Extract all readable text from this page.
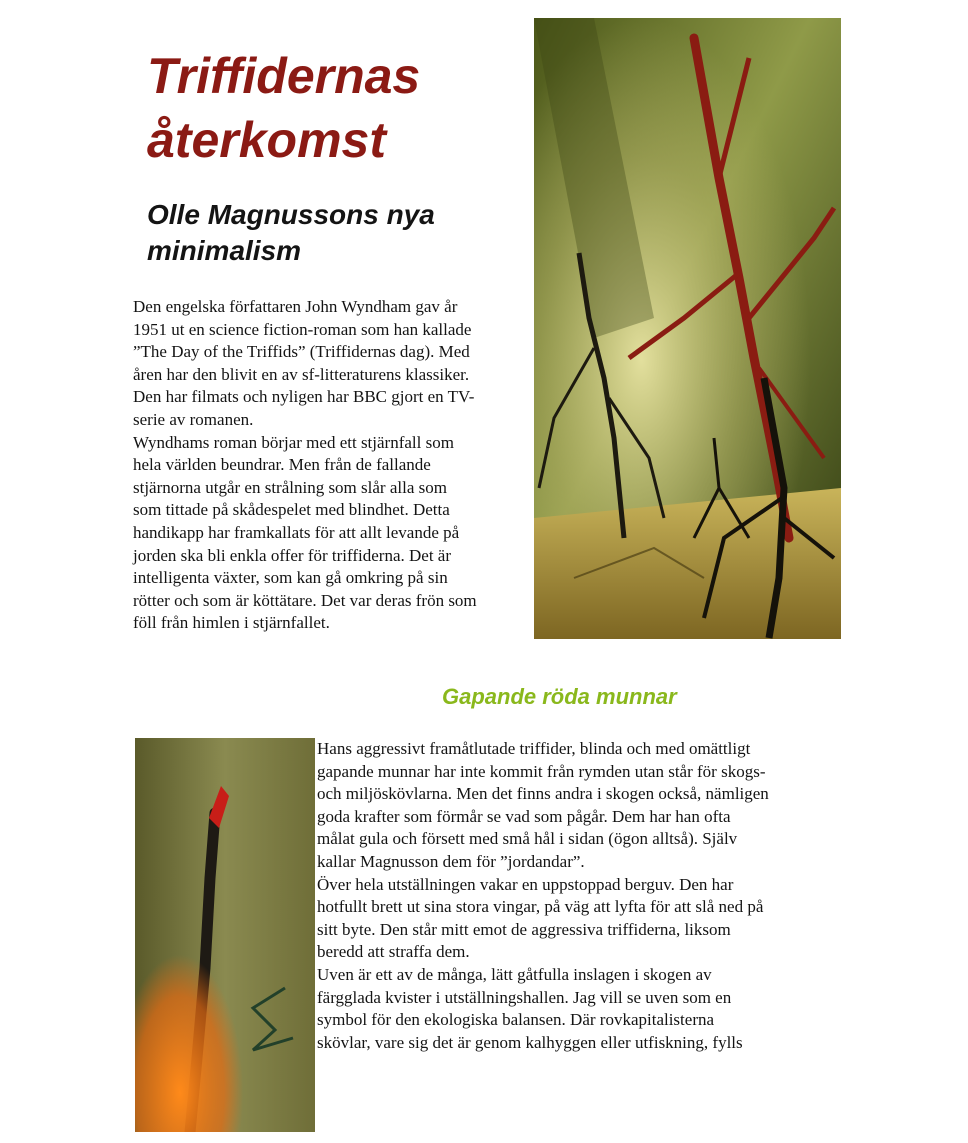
Triffidernas
återkomst
Olle Magnussons nya
minimalism
Den engelska författaren John Wyndham gav år
1951 ut en science fiction-roman som han kallade
”The Day of the Triffids” (Triffidernas dag). Med
åren har den blivit en av sf-litteraturens klassiker.
Den har filmats och nyligen har BBC gjort en TV-
serie av romanen.
Wyndhams roman börjar med ett stjärnfall som
hela världen beundrar. Men från de fallande
stjärnorna utgår en strålning som slår alla som
som tittade på skådespelet med blindhet. Detta
handikapp har framkallats för att allt levande på
jorden ska bli enkla offer för triffiderna. Det är
intelligenta växter, som kan gå omkring på sin
rötter och som är köttätare. Det var deras frön som
föll från himlen i stjärnfallet.
Gapande röda munnar
Hans aggressivt framåtlutade triffider, blinda och med omättligt
gapande munnar har inte kommit från rymden utan står för skogs-
och miljöskövlarna. Men det finns andra i skogen också, nämligen
goda krafter som förmår se vad som pågår. Dem har han ofta
målat gula och försett med små hål i sidan (ögon alltså). Själv
kallar Magnusson dem för ”jordandar”.
Över hela utställningen vakar en uppstoppad berguv. Den har
hotfullt brett ut sina stora vingar, på väg att lyfta för att slå ned på
sitt byte. Den står mitt emot de aggressiva triffiderna, liksom
beredd att straffa dem.
Uven är ett av de många, lätt gåtfulla inslagen i skogen av
färgglada kvister i utställningshallen. Jag vill se uven som en
symbol för den ekologiska balansen. Där rovkapitalisterna
skövlar, vare sig det är genom kalhyggen eller utfiskning, fylls
